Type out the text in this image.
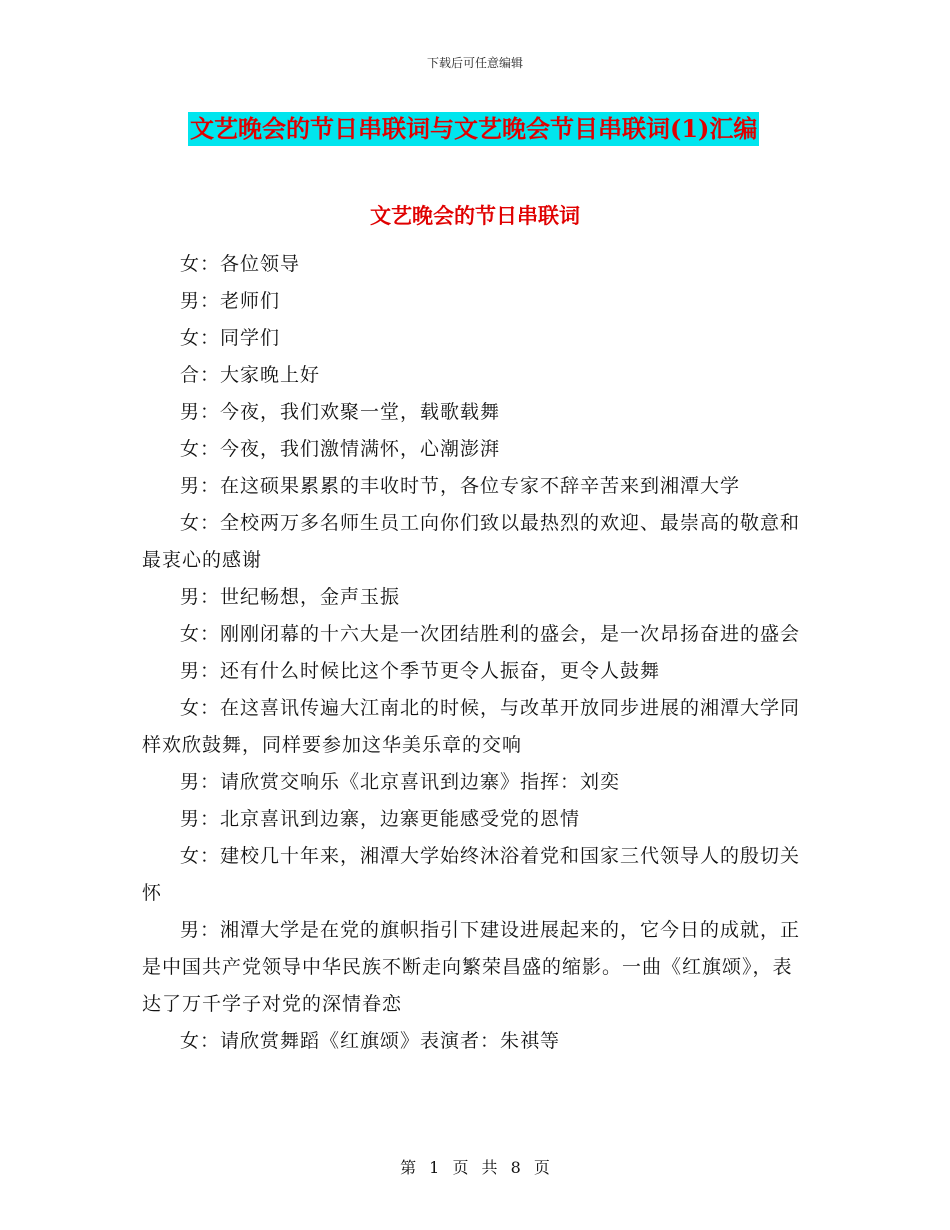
下载后可任意编辑
文艺晚会的节日串联词与文艺晚会节目串联词(1)汇编
文艺晚会的节日串联词

女：各位领导

男：老师们

女：同学们

合：大家晚上好

男：今夜，我们欢聚一堂，载歌载舞

女：今夜，我们激情满怀，心潮澎湃

男：在这硕果累累的丰收时节，各位专家不辞辛苦来到湘潭大学

女：全校两万多名师生员工向你们致以最热烈的欢迎、最崇高的敬意和最衷心的感谢

男：世纪畅想，金声玉振

女：刚刚闭幕的十六大是一次团结胜利的盛会，是一次昂扬奋进的盛会

男：还有什么时候比这个季节更令人振奋，更令人鼓舞

女：在这喜讯传遍大江南北的时候，与改革开放同步进展的湘潭大学同样欢欣鼓舞，同样要参加这华美乐章的交响

男：请欣赏交响乐《北京喜讯到边寨》指挥：刘奕

男：北京喜讯到边寨，边寨更能感受党的恩情

女：建校几十年来，湘潭大学始终沐浴着党和国家三代领导人的殷切关怀

男：湘潭大学是在党的旗帜指引下建设进展起来的，它今日的成就，正是中国共产党领导中华民族不断走向繁荣昌盛的缩影。一曲《红旗颂》，表达了万千学子对党的深情眷恋

女：请欣赏舞蹈《红旗颂》表演者：朱祺等

第 1 页 共 8 页
